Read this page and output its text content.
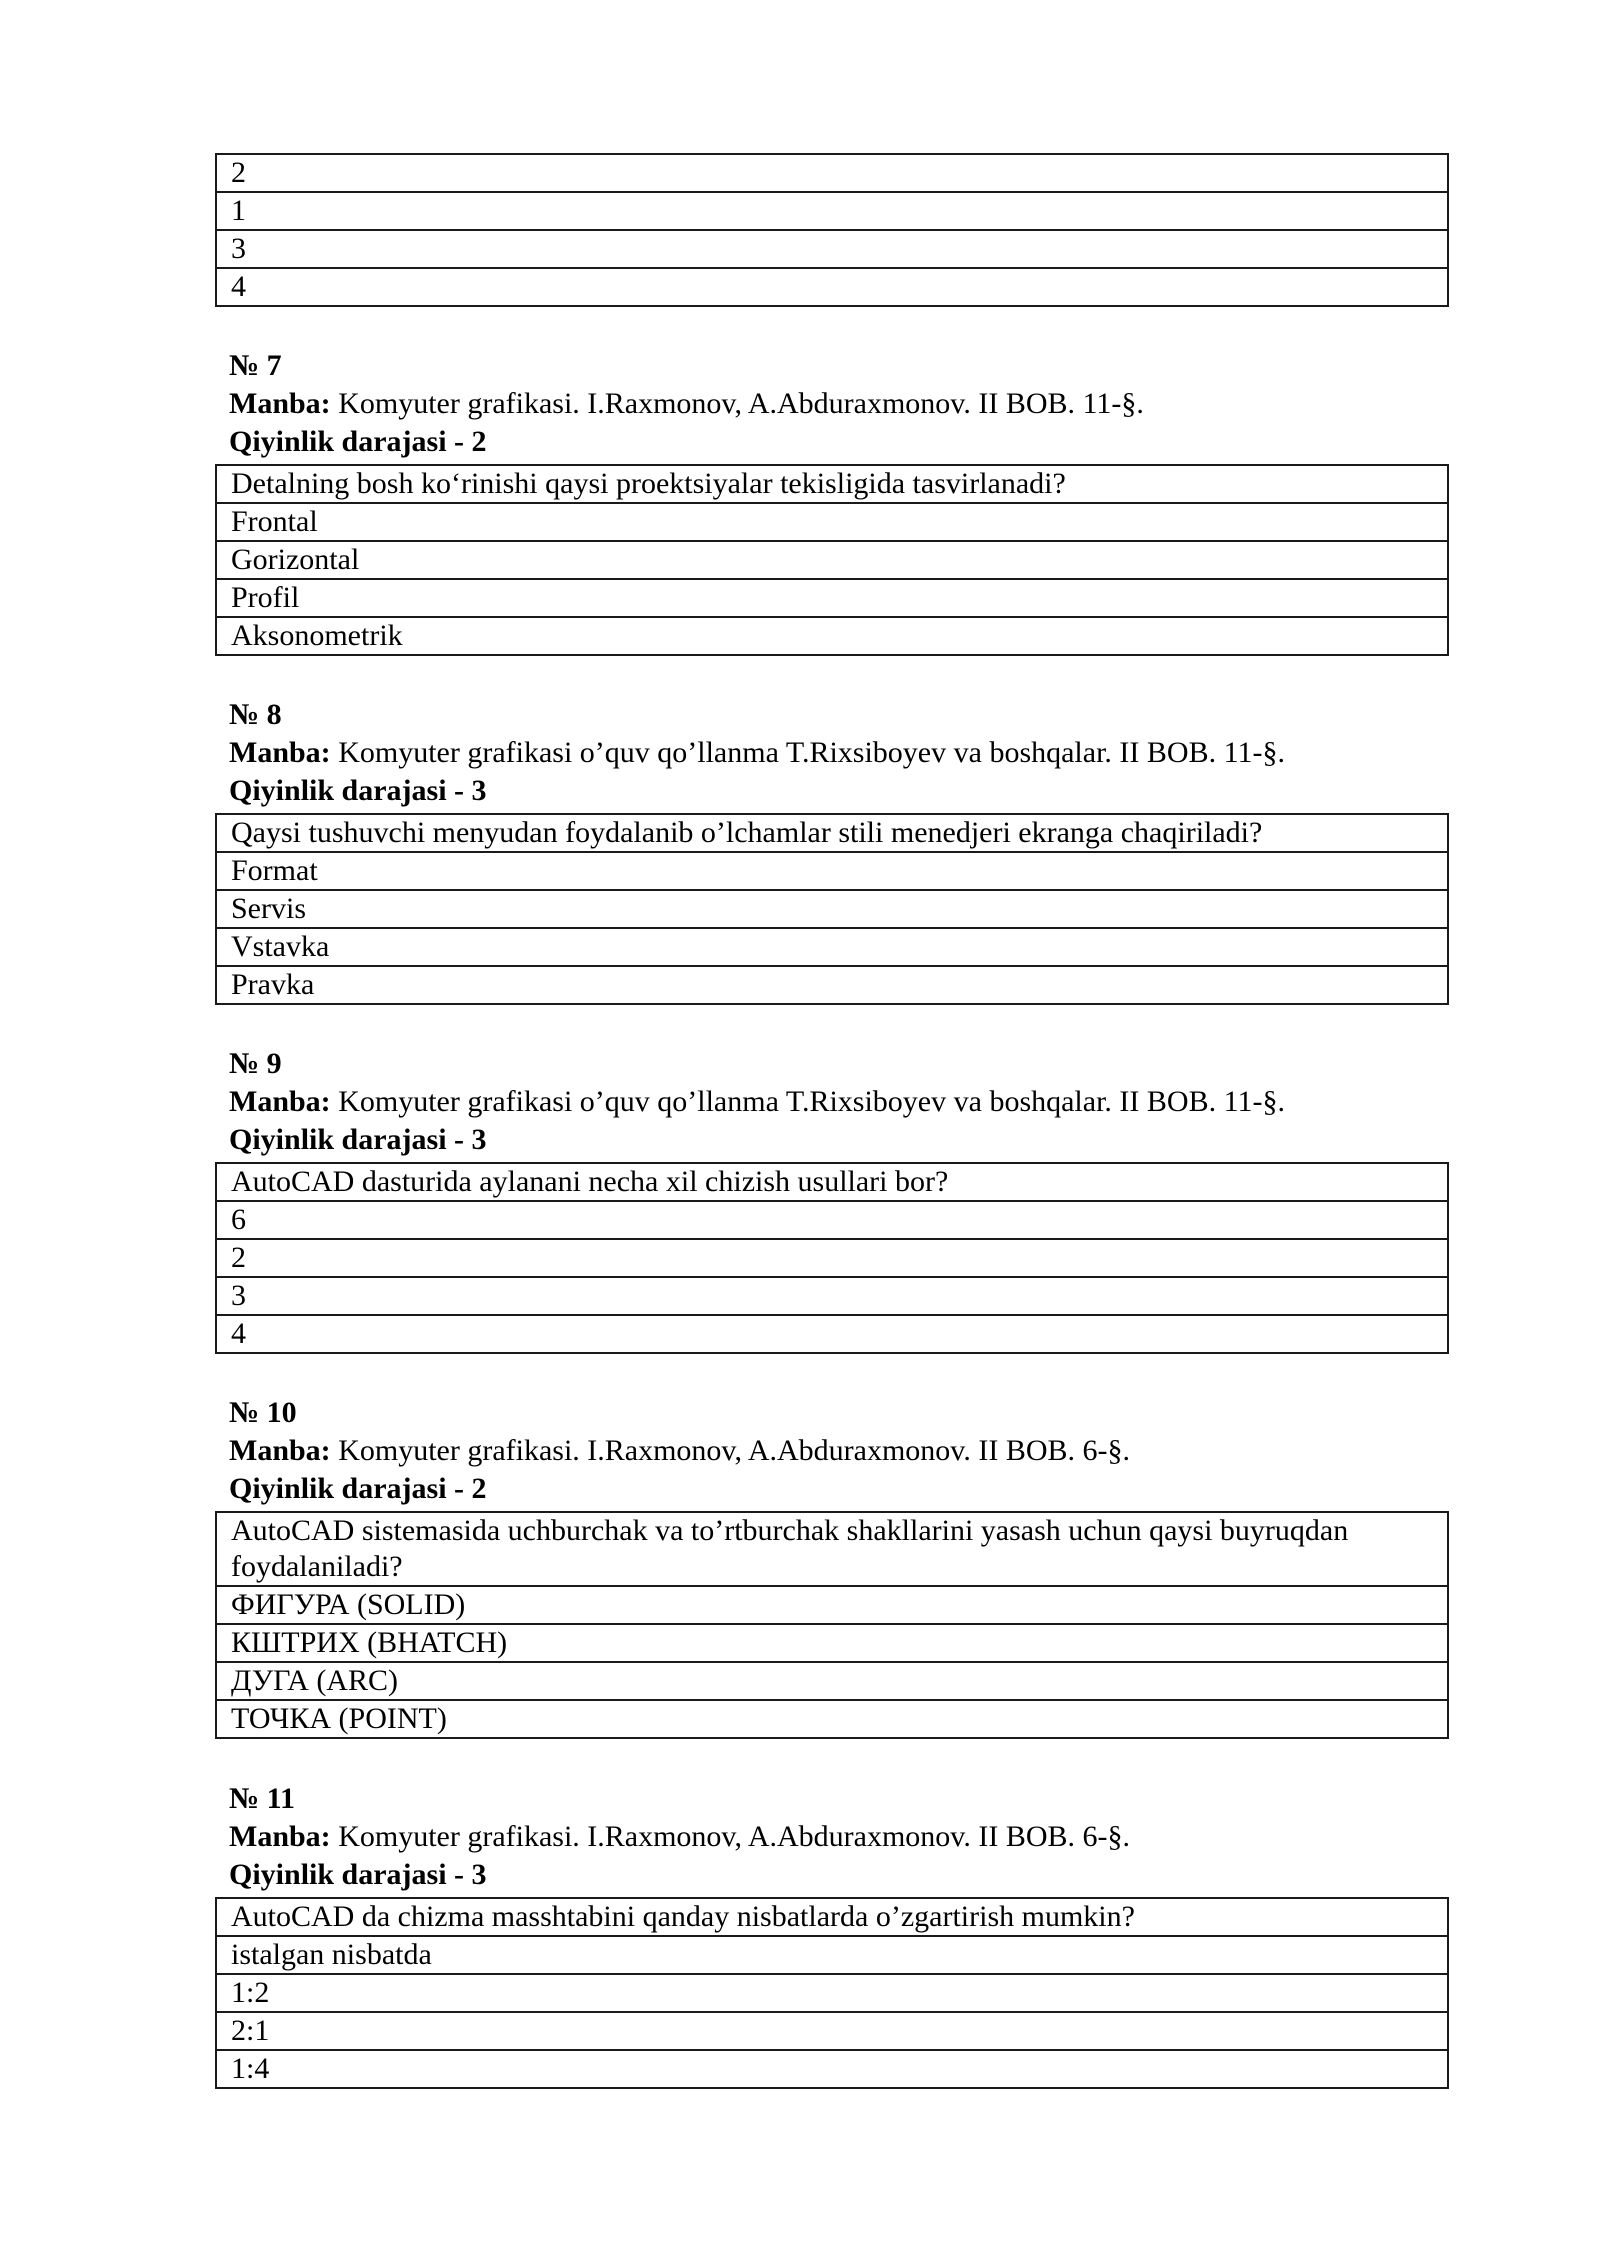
2
1
3
4
№ 7
Manba: Komyuter grafikasi. I.Raxmonov, A.Abduraxmonov. II BOB. 11-§.
Qiyinlik darajasi - 2
Detalning bosh koʻrinishi qaysi proektsiyalar tekisligida tasvirlanadi?
Frontal
Gorizontal
Profil
Aksonometrik
№ 8
Manba: Komyuter grafikasi o’quv qo’llanma T.Rixsiboyev va boshqalar. II BOB. 11-§.
Qiyinlik darajasi - 3
Qaysi tushuvchi menyudan foydalanib o’lchamlar stili menedjeri ekranga chaqiriladi?
Format
Servis
Vstavka
Pravka
№ 9
Manba: Komyuter grafikasi o’quv qo’llanma T.Rixsiboyev va boshqalar. II BOB. 11-§.
Qiyinlik darajasi - 3
AutoCAD dasturida aylanani necha xil chizish usullari bor?
6
2
3
4
№ 10
Manba: Komyuter grafikasi. I.Raxmonov, A.Abduraxmonov. II BOB. 6-§.
Qiyinlik darajasi - 2
AutoCAD sistemasida uchburchak va to’rtburchak shakllarini yasash uchun qaysi buyruqdan foydalaniladi?
ФИГУРА (SOLID)
КШТРИХ (BHATCH)
ДУГА (ARC)
ТОЧКА (POINT)
№ 11
Manba: Komyuter grafikasi. I.Raxmonov, A.Abduraxmonov. II BOB. 6-§.
Qiyinlik darajasi - 3
AutoCAD da chizma masshtabini qanday nisbatlarda o’zgartirish mumkin?
istalgan nisbatda
1:2
2:1
1:4
